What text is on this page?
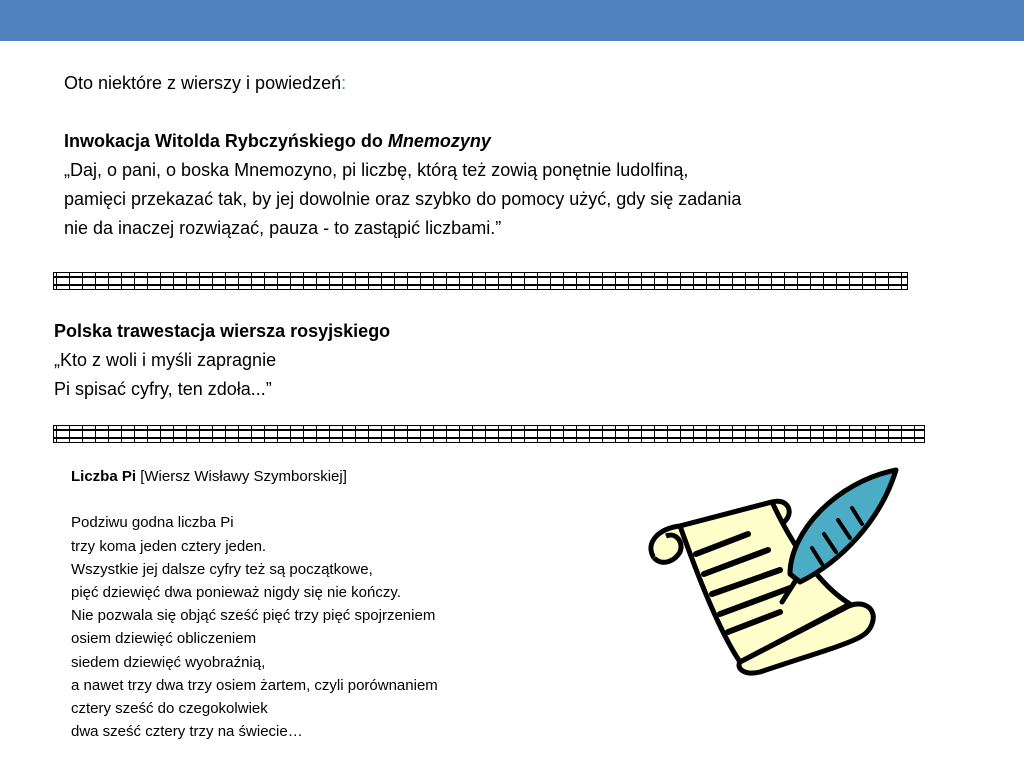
Oto niektóre z wierszy i powiedzeń:
Inwokacja Witolda Rybczyńskiego do Mnemozyny
„Daj, o pani, o boska Mnemozyno, pi liczbę, którą też zowią ponętnie ludolfiną,
pamięci przekazać tak, by jej dowolnie oraz szybko do pomocy użyć, gdy się zadania
nie da inaczej rozwiązać, pauza - to zastąpić liczbami.”
Polska trawestacja wiersza rosyjskiego
„Kto z woli i myśli zapragnie
Pi spisać cyfry, ten zdoła...”
Liczba Pi [Wiersz Wisławy Szymborskiej]
Podziwu godna liczba Pi
trzy koma jeden cztery jeden.
Wszystkie jej dalsze cyfry też są początkowe,
pięć dziewięć dwa ponieważ nigdy się nie kończy.
Nie pozwala się objąć sześć pięć trzy pięć spojrzeniem
osiem dziewięć obliczeniem
siedem dziewięć wyobraźnią,
a nawet trzy dwa trzy osiem żartem, czyli porównaniem
cztery sześć do czegokolwiek
dwa sześć cztery trzy na świecie…
